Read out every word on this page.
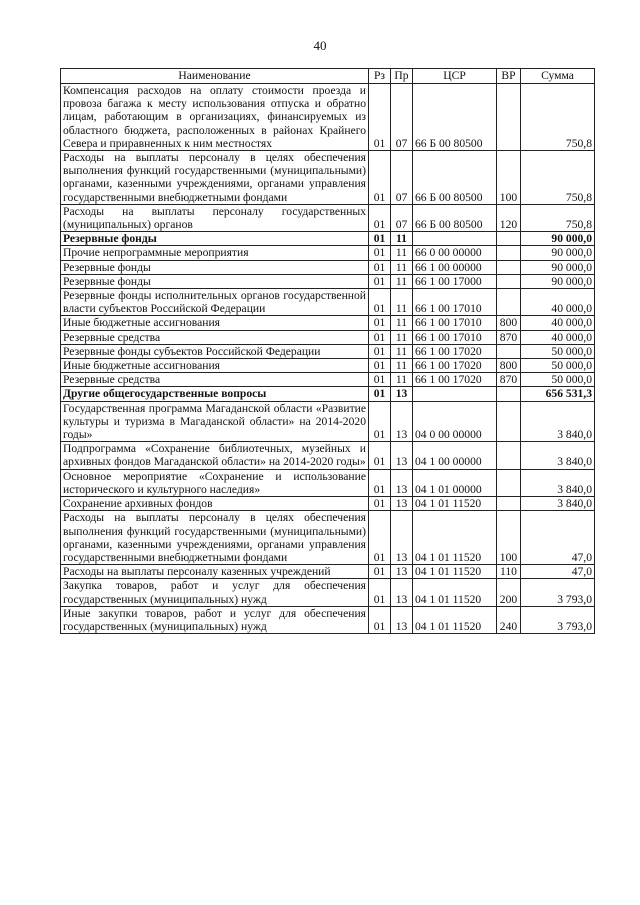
40
Наименование	Рз	Пр	ЦСР	ВР	Сумма
Компенсация расходов на оплату стоимости проезда и провоза багажа к месту использования отпуска и обратно лицам, работающим в организациях, финансируемых из областного бюджета, расположенных в районах Крайнего Севера и приравненных к ним местностях	01	07	66 Б 00 80500		750,8
Расходы на выплаты персоналу в целях обеспечения выполнения функций государственными (муниципальными) органами, казенными учреждениями, органами управления государственными внебюджетными фондами	01	07	66 Б 00 80500	100	750,8
Расходы на выплаты персоналу государственных (муниципальных) органов	01	07	66 Б 00 80500	120	750,8
Резервные фонды	01	11			90 000,0
Прочие непрограммные мероприятия	01	11	66 0 00 00000		90 000,0
Резервные фонды	01	11	66 1 00 00000		90 000,0
Резервные фонды	01	11	66 1 00 17000		90 000,0
Резервные фонды исполнительных органов государственной власти субъектов Российской Федерации	01	11	66 1 00 17010		40 000,0
Иные бюджетные ассигнования	01	11	66 1 00 17010	800	40 000,0
Резервные средства	01	11	66 1 00 17010	870	40 000,0
Резервные фонды субъектов Российской Федерации	01	11	66 1 00 17020		50 000,0
Иные бюджетные ассигнования	01	11	66 1 00 17020	800	50 000,0
Резервные средства	01	11	66 1 00 17020	870	50 000,0
Другие общегосударственные вопросы	01	13			656 531,3
Государственная программа Магаданской области «Развитие культуры и туризма в Магаданской области» на 2014-2020 годы»	01	13	04 0 00 00000		3 840,0
Подпрограмма «Сохранение библиотечных, музейных и архивных фондов Магаданской области» на 2014-2020 годы»	01	13	04 1 00 00000		3 840,0
Основное мероприятие «Сохранение и использование исторического и культурного наследия»	01	13	04 1 01 00000		3 840,0
Сохранение архивных фондов	01	13	04 1 01 11520		3 840,0
Расходы на выплаты персоналу в целях обеспечения выполнения функций государственными (муниципальными) органами, казенными учреждениями, органами управления государственными внебюджетными фондами	01	13	04 1 01 11520	100	47,0
Расходы на выплаты персоналу казенных учреждений	01	13	04 1 01 11520	110	47,0
Закупка товаров, работ и услуг для обеспечения государственных (муниципальных) нужд	01	13	04 1 01 11520	200	3 793,0
Иные закупки товаров, работ и услуг для обеспечения государственных (муниципальных) нужд	01	13	04 1 01 11520	240	3 793,0
